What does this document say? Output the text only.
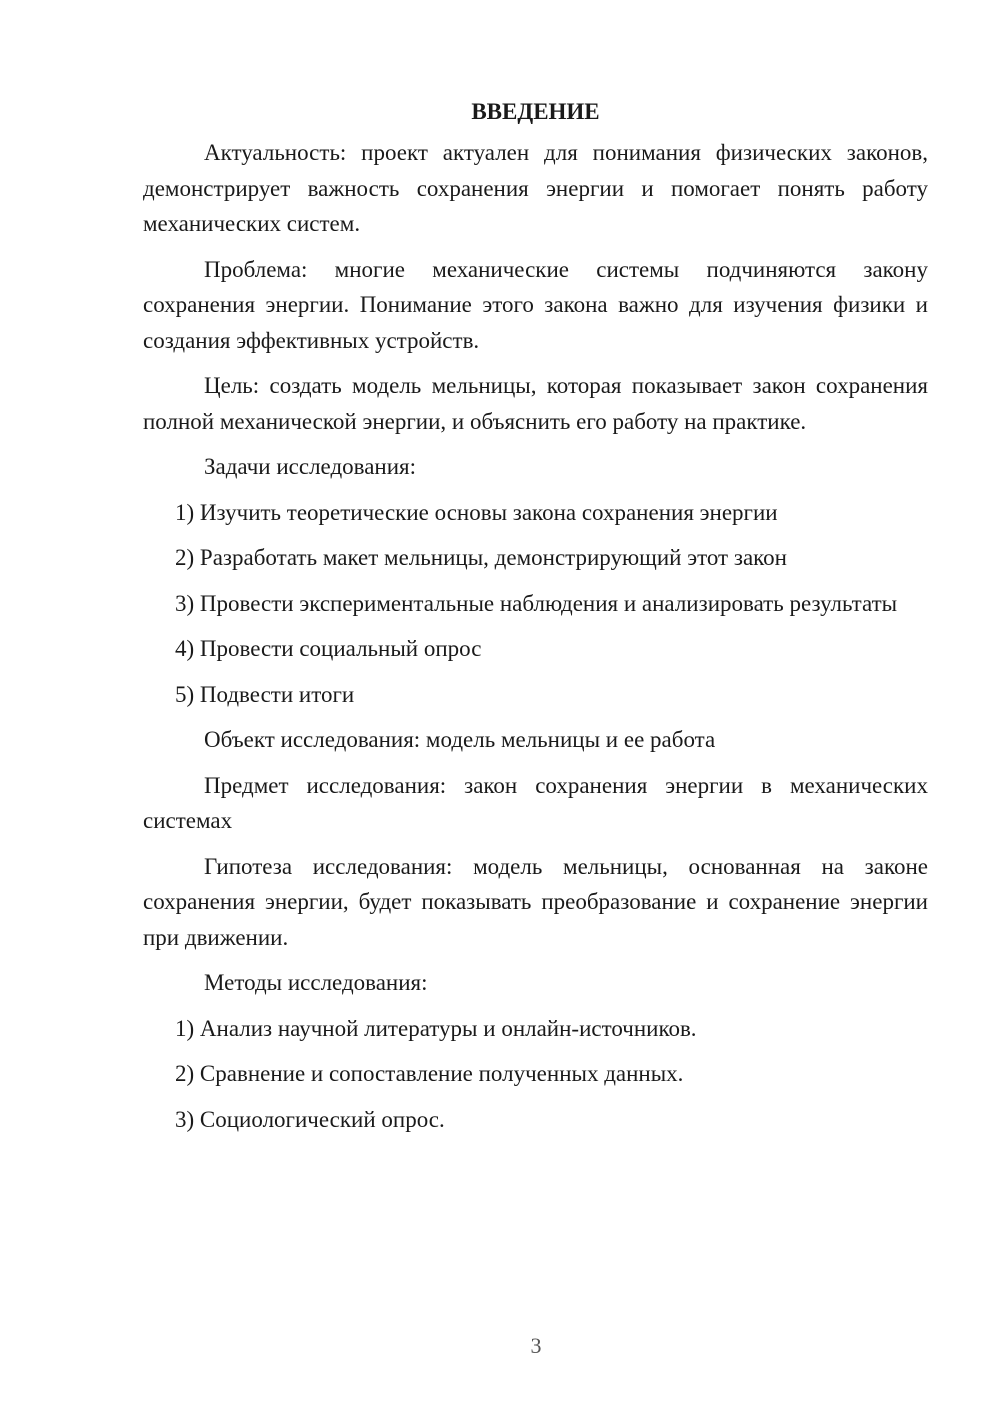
ВВЕДЕНИЕ

Актуальность: проект актуален для понимания физических законов, демонстрирует важность сохранения энергии и помогает понять работу механических систем.

Проблема: многие механические системы подчиняются закону сохранения энергии. Понимание этого закона важно для изучения физики и создания эффективных устройств.

Цель: создать модель мельницы, которая показывает закон сохранения полной механической энергии, и объяснить его работу на практике.

Задачи исследования:

1) Изучить теоретические основы закона сохранения энергии

2) Разработать макет мельницы, демонстрирующий этот закон

3) Провести экспериментальные наблюдения и анализировать результаты

4) Провести социальный опрос

5) Подвести итоги

Объект исследования: модель мельницы и ее работа

Предмет исследования: закон сохранения энергии в механических системах

Гипотеза исследования: модель мельницы, основанная на законе сохранения энергии, будет показывать преобразование и сохранение энергии при движении.

Методы исследования:

1) Анализ научной литературы и онлайн-источников.

2) Сравнение и сопоставление полученных данных.

3) Социологический опрос.

3
